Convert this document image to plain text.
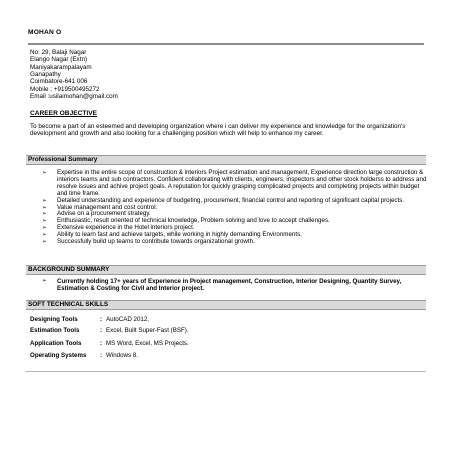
MOHAN O
No: 29, Balaji Nagar
Elango Nagar (Extn)
Maniyakarampalayam
Ganapathy
Coimbatore-641 006
Mobile : +919500495272
Email :usilaimohan@gmail.com
CAREER OBJECTIVE
To become a part of an esteemed and developing organization where i can deliver my experience and knowledge for the organization's development and growth and also looking for a challenging position which will help to enhance my career.
Professional Summary
➢ Expertise in the entire scope of construction & interiors Project estimation and management, Experience direction large construction & interiors teams and sub contractors. Confident collaborating with clients, engineers, inspectors and other stock holderss to address and resolve issues and achive project goals. A reputation for quickly grasping complicated projects and completing projects within budget and time frame.
➢ Detailed understanding and experience of budgeting, procurement, financial control and reporting of significant capital projects.
➢ Value management and cost control.
➢ Advise on a procurement strategy.
➢ Enthusiastic, result oriented of technical knowledge, Problem solving and love to accept challenges.
➢ Extensive experience in the Hotel interiors project.
➢ Ability to learn fast and achieve targets, while working in highly demanding Environments.
➢ Successfully build up teams to contribute towards organizational growth.
BACKGROUND SUMMARY
➢ Currently holding 17+ years of Experience in Project management, Construction, Interior Designing, Quantity Survey, Estimation & Costing for Civil and Interior project.
SOFT TECHNICAL SKILLS
Designing Tools	: AutoCAD 2012,
Estimation Tools	: Excel, Built Super-Fast (BSF).
Application Tools	: MS Word, Excel, MS Projects.
Operating Systems : Windows 8.
